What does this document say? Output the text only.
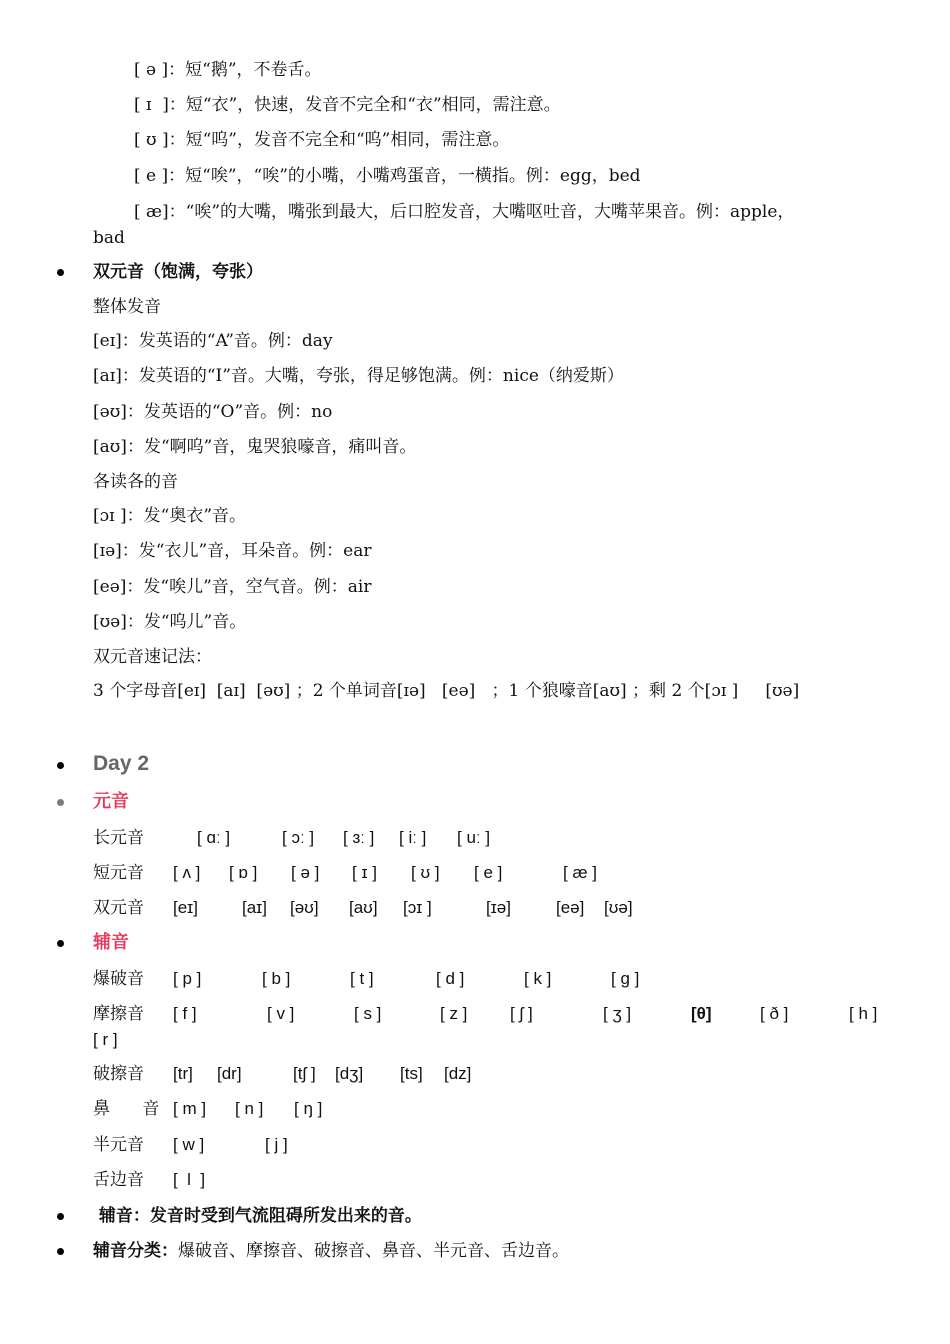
[ ə ]：短“鹅”，不卷舌。
[ ɪ  ]：短“衣”，快速，发音不完全和“衣”相同，需注意。
[ ʊ ]：短“呜”，发音不完全和“呜”相同，需注意。
[ e ]：短“唉”，“唉”的小嘴，小嘴鸡蛋音，一横指。例：egg，bed
[ æ]：“唉”的大嘴，嘴张到最大，后口腔发音，大嘴呕吐音，大嘴苹果音。例：apple，
bad
双元音（饱满，夸张）
整体发音
[eɪ]：发英语的“A”音。例：day
[aɪ]：发英语的“I”音。大嘴，夸张，得足够饱满。例：nice（纳爱斯）
[əʊ]：发英语的“O”音。例：no
[aʊ]：发“啊呜”音，鬼哭狼嚎音，痛叫音。
各读各的音
[ɔɪ ]：发“奥衣”音。
[ɪə]：发“衣儿”音，耳朵音。例：ear
[eə]：发“唉儿”音，空气音。例：air
[ʊə]：发“呜儿”音。
双元音速记法：
3 个字母音[eɪ]  [aɪ]  [əʊ] ；2 个单词音[ɪə]   [eə]   ；1 个狼嚎音[aʊ] ；剩 2 个[ɔɪ ]     [ʊə]
Day 2
元音
长元音	[ ɑː ]	[ ɔː ] [ ɜː ] [ iː ] [ uː ]
短元音 [ ʌ ] [ ɒ ] [ ə ] [ ɪ ] [ ʊ ] [ e ]	[ æ ]
双元音 [eɪ]	[aɪ] [əʊ] [aʊ] [ɔɪ ]	[ɪə]	[eə] [ʊə]
辅音
爆破音 [ p ]	[ b ]	[ t ]	[ d ]	[ k ]	[ g ]
摩擦音 [ f ]	[ v ]	[ s ]	[ z ]	[ ʃ ]	[ ʒ ]	[θ]	[ ð ]	[ h ]
[ r ]
破擦音 [tr] [dr]	[tʃ ] [dʒ] [ts] [dz]
鼻      音 [ m ] [ n ] [ ŋ ]
半元音 [ w ]	[ j ]
舌边音 [  l  ]
辅音：发音时受到气流阻碍所发出来的音。
辅音分类：爆破音、摩擦音、破擦音、鼻音、半元音、舌边音。
